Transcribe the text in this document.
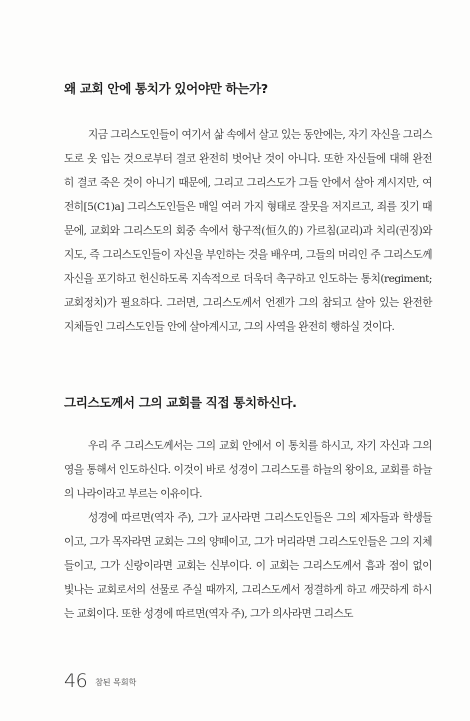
왜 교회 안에 통치가 있어야만 하는가?

지금 그리스도인들이 여기서 삶 속에서 살고 있는 동안에는, 자기 자신을 그리스도로 옷 입는 것으로부터 결코 완전히 벗어난 것이 아니다. 또한 자신들에 대해 완전히 결코 죽은 것이 아니기 때문에, 그리고 그리스도가 그들 안에서 살아 계시지만, 여전히[5(C1)a] 그리스도인들은 매일 여러 가지 형태로 잘못을 저지르고, 죄를 짓기 때문에, 교회와 그리스도의 회중 속에서 항구적(恒久的) 가르침(교리)과 치리(권징)와 지도, 즉 그리스도인들이 자신을 부인하는 것을 배우며, 그들의 머리인 주 그리스도께 자신을 포기하고 헌신하도록 지속적으로 더욱더 촉구하고 인도하는 통치(regiment; 교회정치)가 필요하다. 그러면, 그리스도께서 언젠가 그의 참되고 살아 있는 완전한 지체들인 그리스도인들 안에 살아계시고, 그의 사역을 완전히 행하실 것이다.

그리스도께서 그의 교회를 직접 통치하신다.

우리 주 그리스도께서는 그의 교회 안에서 이 통치를 하시고, 자기 자신과 그의 영을 통해서 인도하신다. 이것이 바로 성경이 그리스도를 하늘의 왕이요, 교회를 하늘의 나라이라고 부르는 이유이다.

성경에 따르면(역자 주), 그가 교사라면 그리스도인들은 그의 제자들과 학생들이고, 그가 목자라면 교회는 그의 양떼이고, 그가 머리라면 그리스도인들은 그의 지체들이고, 그가 신랑이라면 교회는 신부이다. 이 교회는 그리스도께서 흠과 점이 없이 빛나는 교회로서의 선물로 주실 때까지, 그리스도께서 정결하게 하고 깨끗하게 하시는 교회이다. 또한 성경에 따르면(역자 주), 그가 의사라면 그리스도

46 참된 목회학
